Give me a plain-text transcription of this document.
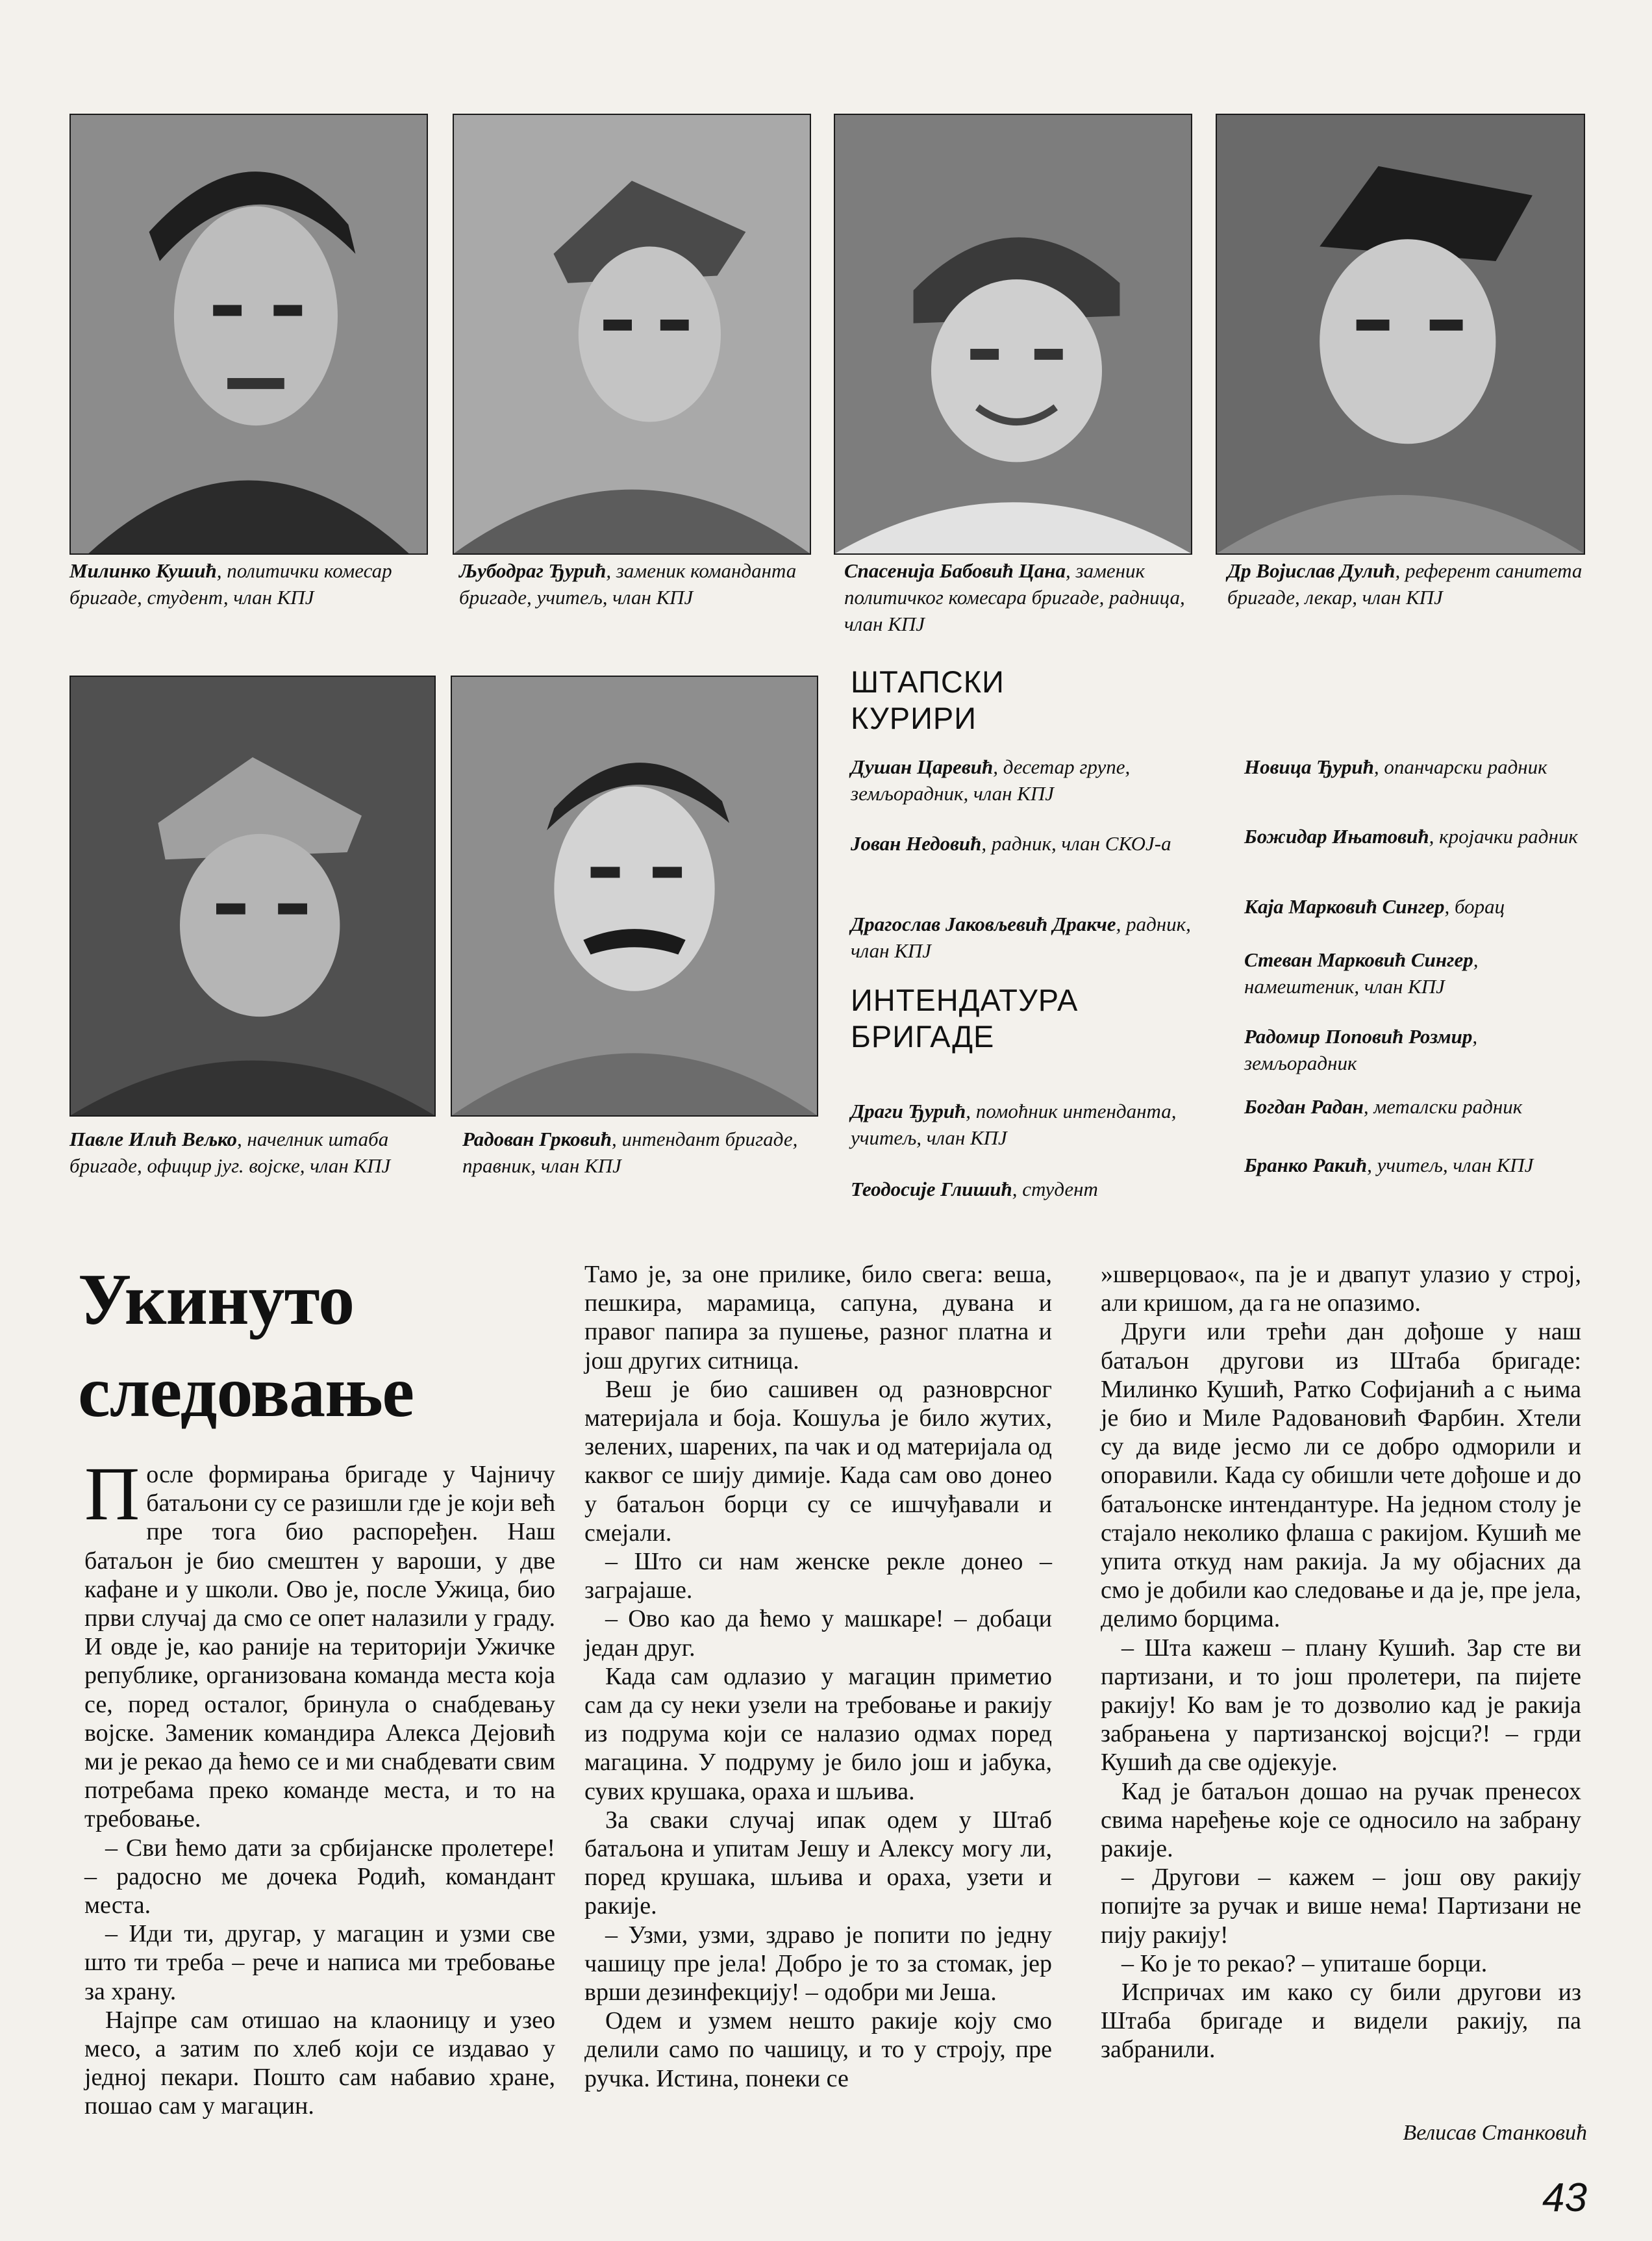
Милинко Кушић, политички комесар бригаде, студент, члан КПЈ
Љубодраг Ђурић, заменик команданта бригаде, учитељ, члан КПЈ
Спасенија Бабовић Цана, заменик политичког комесара бригаде, радница, члан КПЈ
Др Војислав Дулић, референт санитета бригаде, лекар, члан КПЈ
Павле Илић Вељко, начелник штаба бригаде, официр југ. војске, члан КПЈ
Радован Грковић, интендант бригаде, правник, члан КПЈ
ШТАПСКИ
КУРИРИ
Душан Царевић, десетар групе, земљорадник, члан КПЈ
Јован Недовић, радник, члан СКОЈ-а
Драгослав Јаковљевић Дракче, радник, члан КПЈ
ИНТЕНДАТУРА
БРИГАДЕ
Драги Ђурић, помоћник интенданта, учитељ, члан КПЈ
Теодосије Глишић, студент
Новица Ђурић, опанчарски радник
Божидар Ињатовић, кројачки радник
Каја Марковић Сингер, борац
Стеван Марковић Сингер, намештеник, члан КПЈ
Радомир Поповић Розмир, земљорадник
Богдан Радан, металски радник
Бранко Ракић, учитељ, члан КПЈ
Укинуто
следовање

После формирања бригаде у Чајничу батаљони су се разишли где је који већ пре тога био распоређен. Наш батаљон је био смештен у вароши, у две кафане и у школи. Ово је, после Ужица, био први случај да смо се опет налазили у граду. И овде је, као раније на територији Ужичке републике, организована команда места која се, поред осталог, бринула о снабдевању војске. Заменик командира Алекса Дејовић ми је рекао да ћемо се и ми снабдевати свим потребама преко команде места, и то на требовање.

– Сви ћемо дати за србијанске пролетере! – радосно ме дочека Родић, командант места.

– Иди ти, другар, у магацин и узми све што ти треба – рече и написа ми требовање за храну.

Најпре сам отишао на клаоницу и узео месо, а затим по хлеб који се издавао у једној пекари. Пошто сам набавио хране, пошао сам у магацин.

Тамо је, за оне прилике, било свега: веша, пешкира, марамица, сапуна, дувана и правог папира за пушење, разног платна и још других ситница.

Веш је био сашивен од разноврсног материјала и боја. Кошуља је било жутих, зелених, шарених, па чак и од материјала од каквог се шију димије. Када сам ово донео у батаљон борци су се ишчуђавали и смејали.

– Што си нам женске рекле донео – заграјаше.

– Ово као да ћемо у машкаре! – добаци један друг.

Када сам одлазио у магацин приметио сам да су неки узели на требовање и ракију из подрума који се налазио одмах поред магацина. У подруму је било још и јабука, сувих крушака, ораха и шљива.

За сваки случај ипак одем у Штаб батаљона и упитам Јешу и Алексу могу ли, поред крушака, шљива и ораха, узети и ракије.

– Узми, узми, здраво је попити по једну чашицу пре јела! Добро је то за стомак, јер врши дезинфекцију! – одобри ми Јеша.

Одем и узмем нешто ракије коју смо делили само по чашицу, и то у строју, пре ручка. Истина, понеки се

»шверцовао«, па је и двапут улазио у строј, али кришом, да га не опазимо.

Други или трећи дан дођоше у наш батаљон другови из Штаба бригаде: Милинко Кушић, Ратко Софијанић а с њима је био и Миле Радовановић Фарбин. Хтели су да виде јесмо ли се добро одморили и опоравили. Када су обишли чете дођоше и до батаљонске интендантуре. На једном столу је стајало неколико флаша с ракијом. Кушић ме упита откуд нам ракија. Ја му објасних да смо је добили као следовање и да је, пре јела, делимо борцима.

– Шта кажеш – плану Кушић. Зар сте ви партизани, и то још пролетери, па пијете ракију! Ко вам је то дозволио кад је ракија забрањена у партизанској војсци?! – грди Кушић да све одјекује.

Кад је батаљон дошао на ручак пренесох свима наређење које се односило на забрану ракије.

– Другови – кажем – још ову ракију попијте за ручак и више нема! Партизани не пију ракију!

– Ко је то рекао? – упиташе борци.

Испричах им како су били другови из Штаба бригаде и видели ракију, па забранили.

Велисав Станковић
43
